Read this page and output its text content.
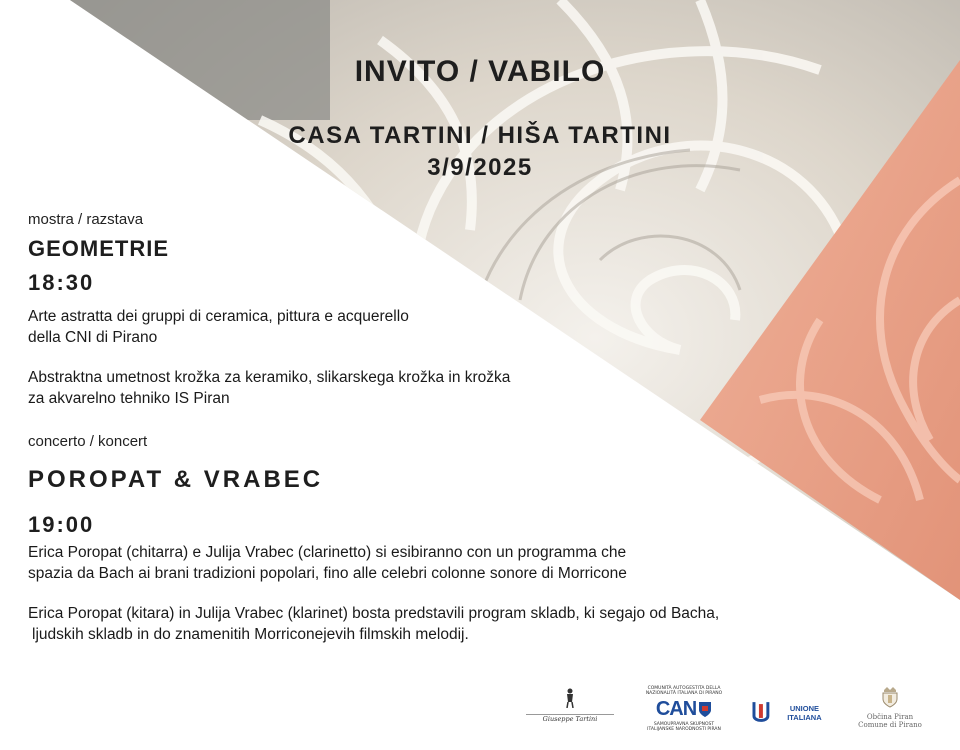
INVITO / VABILO
CASA TARTINI / HIŠA TARTINI
3/9/2025
mostra / razstava
GEOMETRIE
18:30
Arte astratta dei gruppi di ceramica, pittura e acquerello
della CNI di Pirano
Abstraktna umetnost krožka za keramiko, slikarskega krožka in krožka
za akvarelno tehniko IS Piran
concerto / koncert
POROPAT & VRABEC
19:00
Erica Poropat (chitarra) e Julija Vrabec (clarinetto) si esibiranno con un programma che
spazia da Bach ai brani tradizioni popolari, fino alle celebri colonne sonore di Morricone
Erica Poropat (kitara) in Julija Vrabec (klarinet) bosta predstavili program skladb, ki segajo od Bacha,
ljudskih skladb in do znamenitih Morriconejevih filmskih melodij.
Giuseppe Tartini
COMUNITÀ AUTOGESTITA DELLA
NAZIONALITÀ ITALIANA DI PIRANO
CAN
SAMOUPRAVNA SKUPNOST
ITALIJANSKE NARODNOSTI PIRAN
UNIONE ITALIANA	Občina Piran
Comune di Pirano
